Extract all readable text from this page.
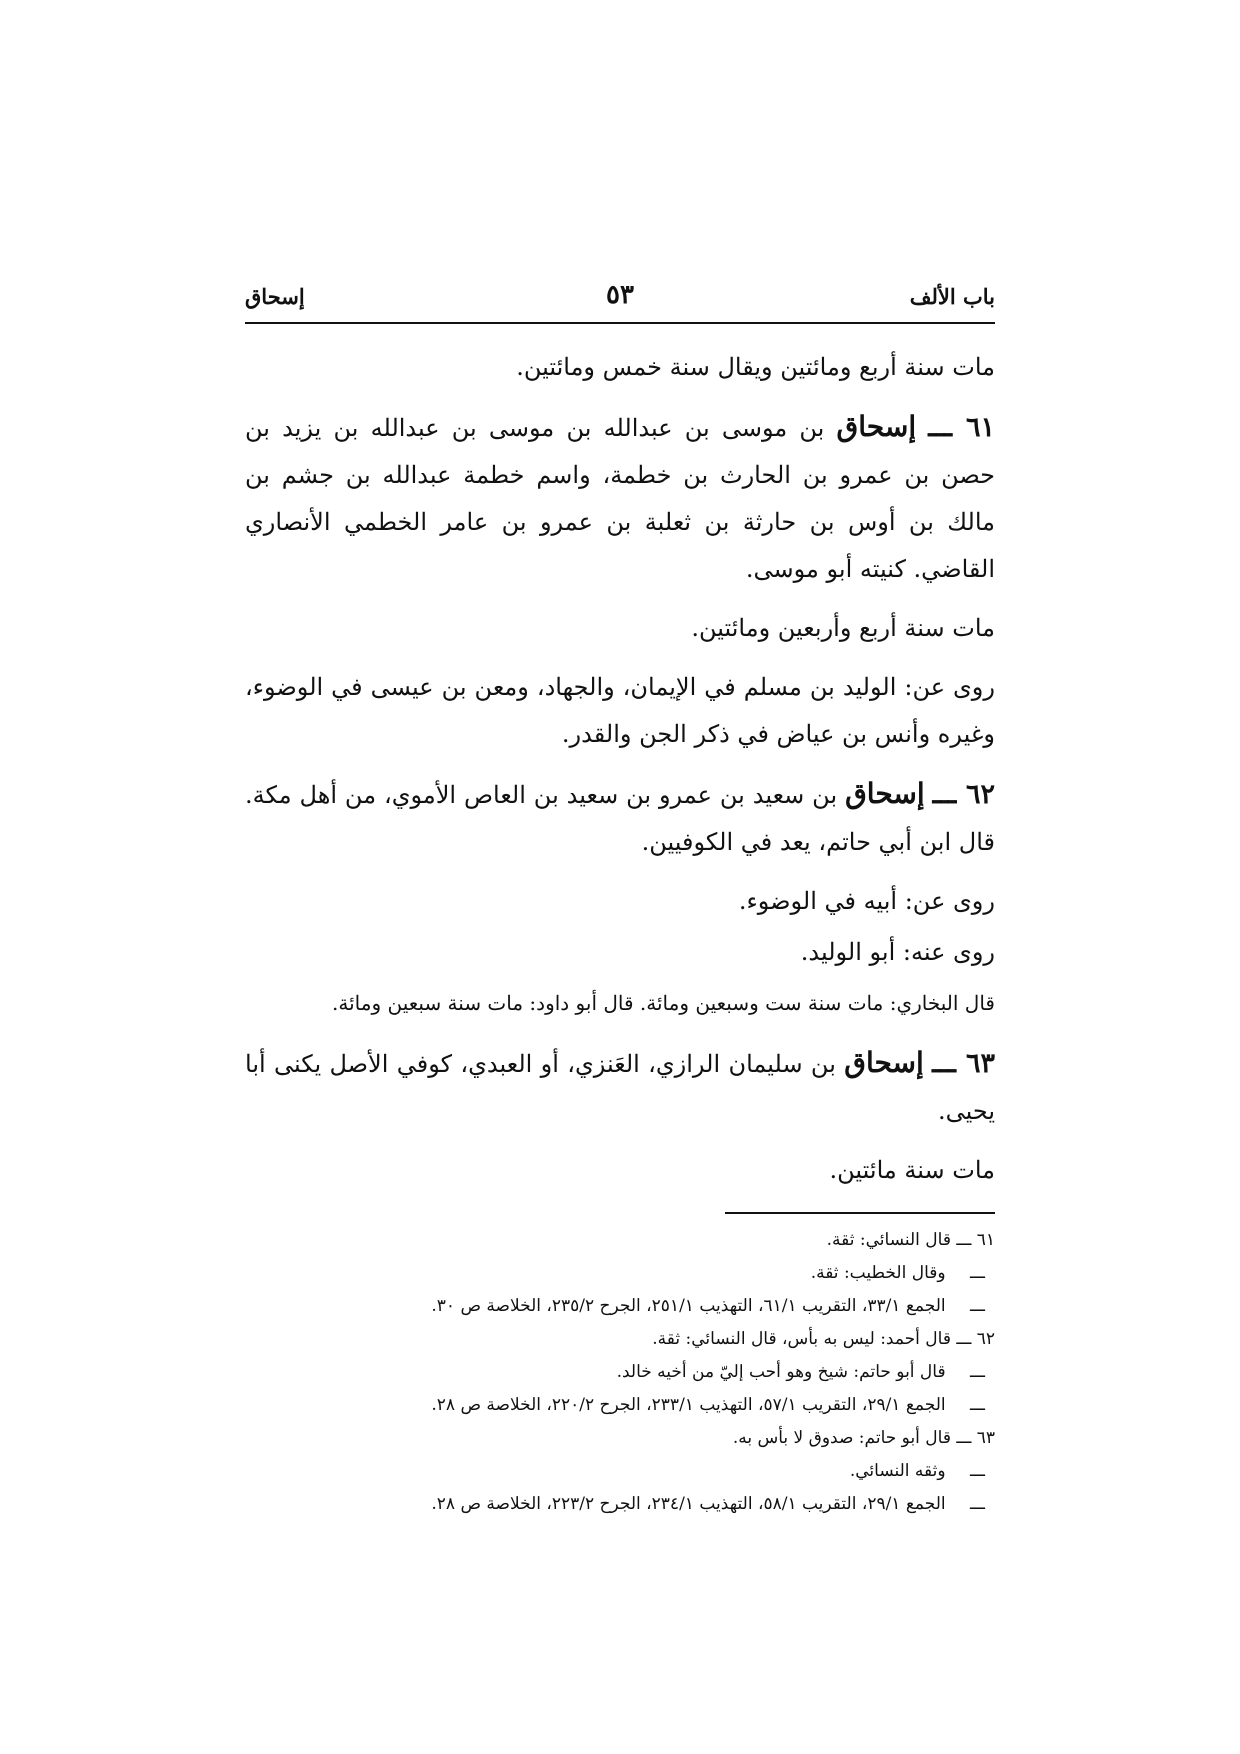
باب الألف
٥٣
إسحاق

مات سنة أربع ومائتين ويقال سنة خمس ومائتين.

٦١ ـــ إسحاق بن موسى بن عبدالله بن موسى بن عبدالله بن يزيد بن حصن بن عمرو بن الحارث بن خطمة، واسم خطمة عبدالله بن جشم بن مالك بن أوس بن حارثة بن ثعلبة بن عمرو بن عامر الخطمي الأنصاري القاضي. كنيته أبو موسى.

مات سنة أربع وأربعين ومائتين.

روى عن: الوليد بن مسلم في الإيمان، والجهاد، ومعن بن عيسى في الوضوء، وغيره وأنس بن عياض في ذكر الجن والقدر.

٦٢ ـــ إسحاق بن سعيد بن عمرو بن سعيد بن العاص الأموي، من أهل مكة. قال ابن أبي حاتم، يعد في الكوفيين.

روى عن: أبيه في الوضوء.

روى عنه: أبو الوليد.

قال البخاري: مات سنة ست وسبعين ومائة. قال أبو داود: مات سنة سبعين ومائة.

٦٣ ـــ إسحاق بن سليمان الرازي، العَنزي، أو العبدي، كوفي الأصل يكنى أبا يحيى.

مات سنة مائتين.

٦١ ـــ قال النسائي: ثقة.
ـــ وقال الخطيب: ثقة.
ـــ الجمع ٣٣/١، التقريب ٦١/١، التهذيب ٢٥١/١، الجرح ٢٣٥/٢، الخلاصة ص ٣٠.
٦٢ ـــ قال أحمد: ليس به بأس، قال النسائي: ثقة.
ـــ قال أبو حاتم: شيخ وهو أحب إليّ من أخيه خالد.
ـــ الجمع ٢٩/١، التقريب ٥٧/١، التهذيب ٢٣٣/١، الجرح ٢٢٠/٢، الخلاصة ص ٢٨.
٦٣ ـــ قال أبو حاتم: صدوق لا بأس به.
ـــ وثقه النسائي.
ـــ الجمع ٢٩/١، التقريب ٥٨/١، التهذيب ٢٣٤/١، الجرح ٢٢٣/٢، الخلاصة ص ٢٨.
